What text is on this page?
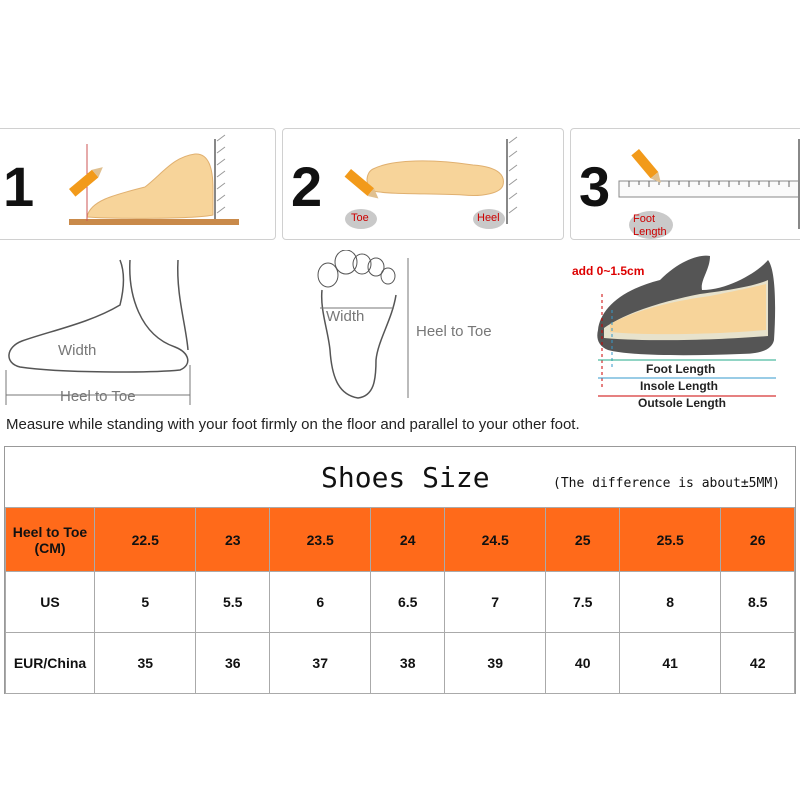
1	2	Toe	Heel 3
Foot Length
Width
Heel to Toe
Width
Heel to Toe
add 0~1.5cm
Foot Length
Insole Length
Outsole Length
Measure while standing with your foot firmly on the floor and parallel to your other foot.
Shoes Size	(The difference is about±5MM)
Heel to Toe (CM)	22.5	23	23.5	24	24.5	25	25.5	26
US	5	5.5	6	6.5	7	7.5	8	8.5
EUR/China	35	36	37	38	39	40	41	42
